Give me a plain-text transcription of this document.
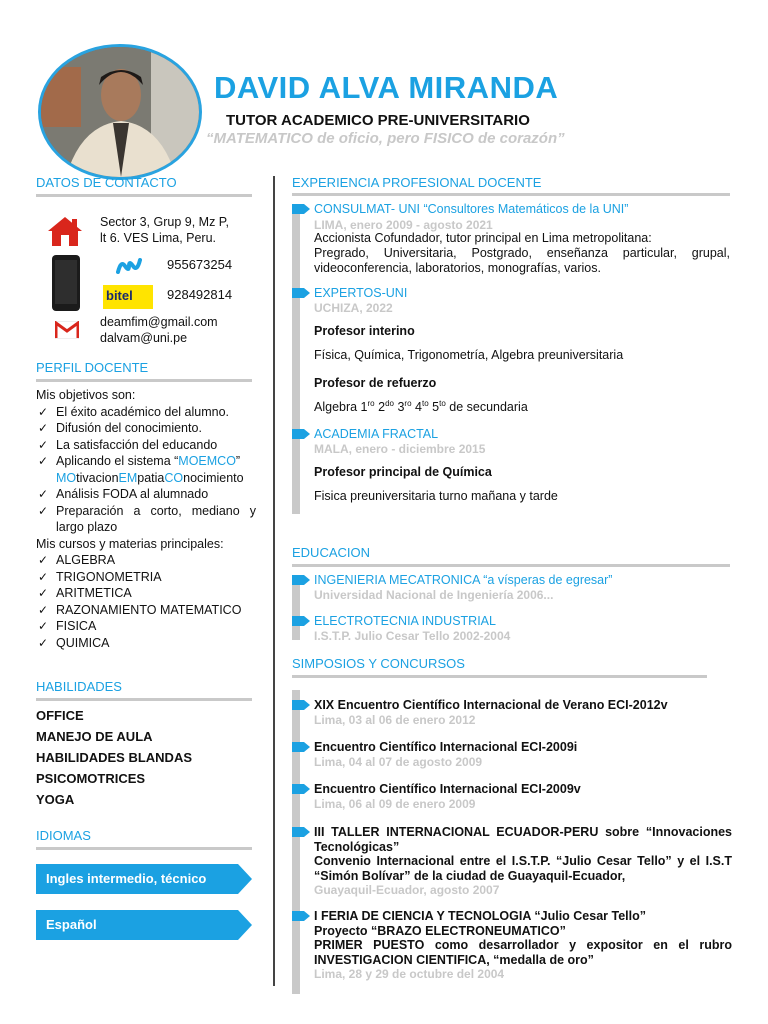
DAVID ALVA MIRANDA
TUTOR ACADEMICO PRE-UNIVERSITARIO
“MATEMATICO de oficio, pero FISICO de corazón”
DATOS DE CONTACTO
Sector 3, Grup 9, Mz P,
lt 6. VES Lima, Peru.
955673254
bitel	928492814
deamfim@gmail.com
dalvam@uni.pe
PERFIL DOCENTE
Mis objetivos son:
✓ El éxito académico del alumno.
✓ Difusión del conocimiento.
✓ La satisfacción del educando
✓ Aplicando el sistema “MOEMCO”
MOtivacionEMpatiaCOnocimiento
✓ Análisis FODA al alumnado
✓ Preparación a corto, mediano y largo plazo
Mis cursos y materias principales:
✓ ALGEBRA
✓ TRIGONOMETRIA
✓ ARITMETICA
✓ RAZONAMIENTO MATEMATICO
✓ FISICA
✓ QUIMICA
HABILIDADES
OFFICE
MANEJO DE AULA
HABILIDADES BLANDAS
PSICOMOTRICES
YOGA
IDIOMAS
Ingles intermedio, técnico
Español
EXPERIENCIA PROFESIONAL DOCENTE
CONSULMAT- UNI “Consultores Matemáticos de la UNI”
LIMA, enero 2009 - agosto 2021
Accionista Cofundador, tutor principal en Lima metropolitana:
Pregrado, Universitaria, Postgrado, enseñanza particular, grupal, videoconferencia, laboratorios, monografías, varios.
EXPERTOS-UNI
UCHIZA, 2022
Profesor interino
Física, Química, Trigonometría, Algebra preuniversitaria
Profesor de refuerzo
Algebra $1^{ro}$ $2^{do}$ $3^{ro}$ $4^{to}$ $5^{to}$ de secundaria
ACADEMIA FRACTAL
MALA, enero - diciembre 2015
Profesor principal de Química
Fisica preuniversitaria turno mañana y tarde
EDUCACION
INGENIERIA MECATRONICA “a vísperas de egresar”
Universidad Nacional de Ingeniería 2006...
ELECTROTECNIA INDUSTRIAL
I.S.T.P. Julio Cesar Tello 2002-2004
SIMPOSIOS Y CONCURSOS
XIX Encuentro Científico Internacional de Verano ECI-2012v
Lima, 03 al 06 de enero 2012
Encuentro Científico Internacional ECI-2009i
Lima, 04 al 07 de agosto 2009
Encuentro Científico Internacional ECI-2009v
Lima, 06 al 09 de enero 2009
III TALLER INTERNACIONAL ECUADOR-PERU sobre “Innovaciones Tecnológicas”
Convenio Internacional entre el I.S.T.P. “Julio Cesar Tello” y el I.S.T “Simón Bolívar” de la ciudad de Guayaquil-Ecuador,
Guayaquil-Ecuador, agosto 2007
I FERIA DE CIENCIA Y TECNOLOGIA “Julio Cesar Tello”
Proyecto “BRAZO ELECTRONEUMATICO”
PRIMER PUESTO como desarrollador y expositor en el rubro INVESTIGACION CIENTIFICA, “medalla de oro”
Lima, 28 y 29 de octubre del 2004
